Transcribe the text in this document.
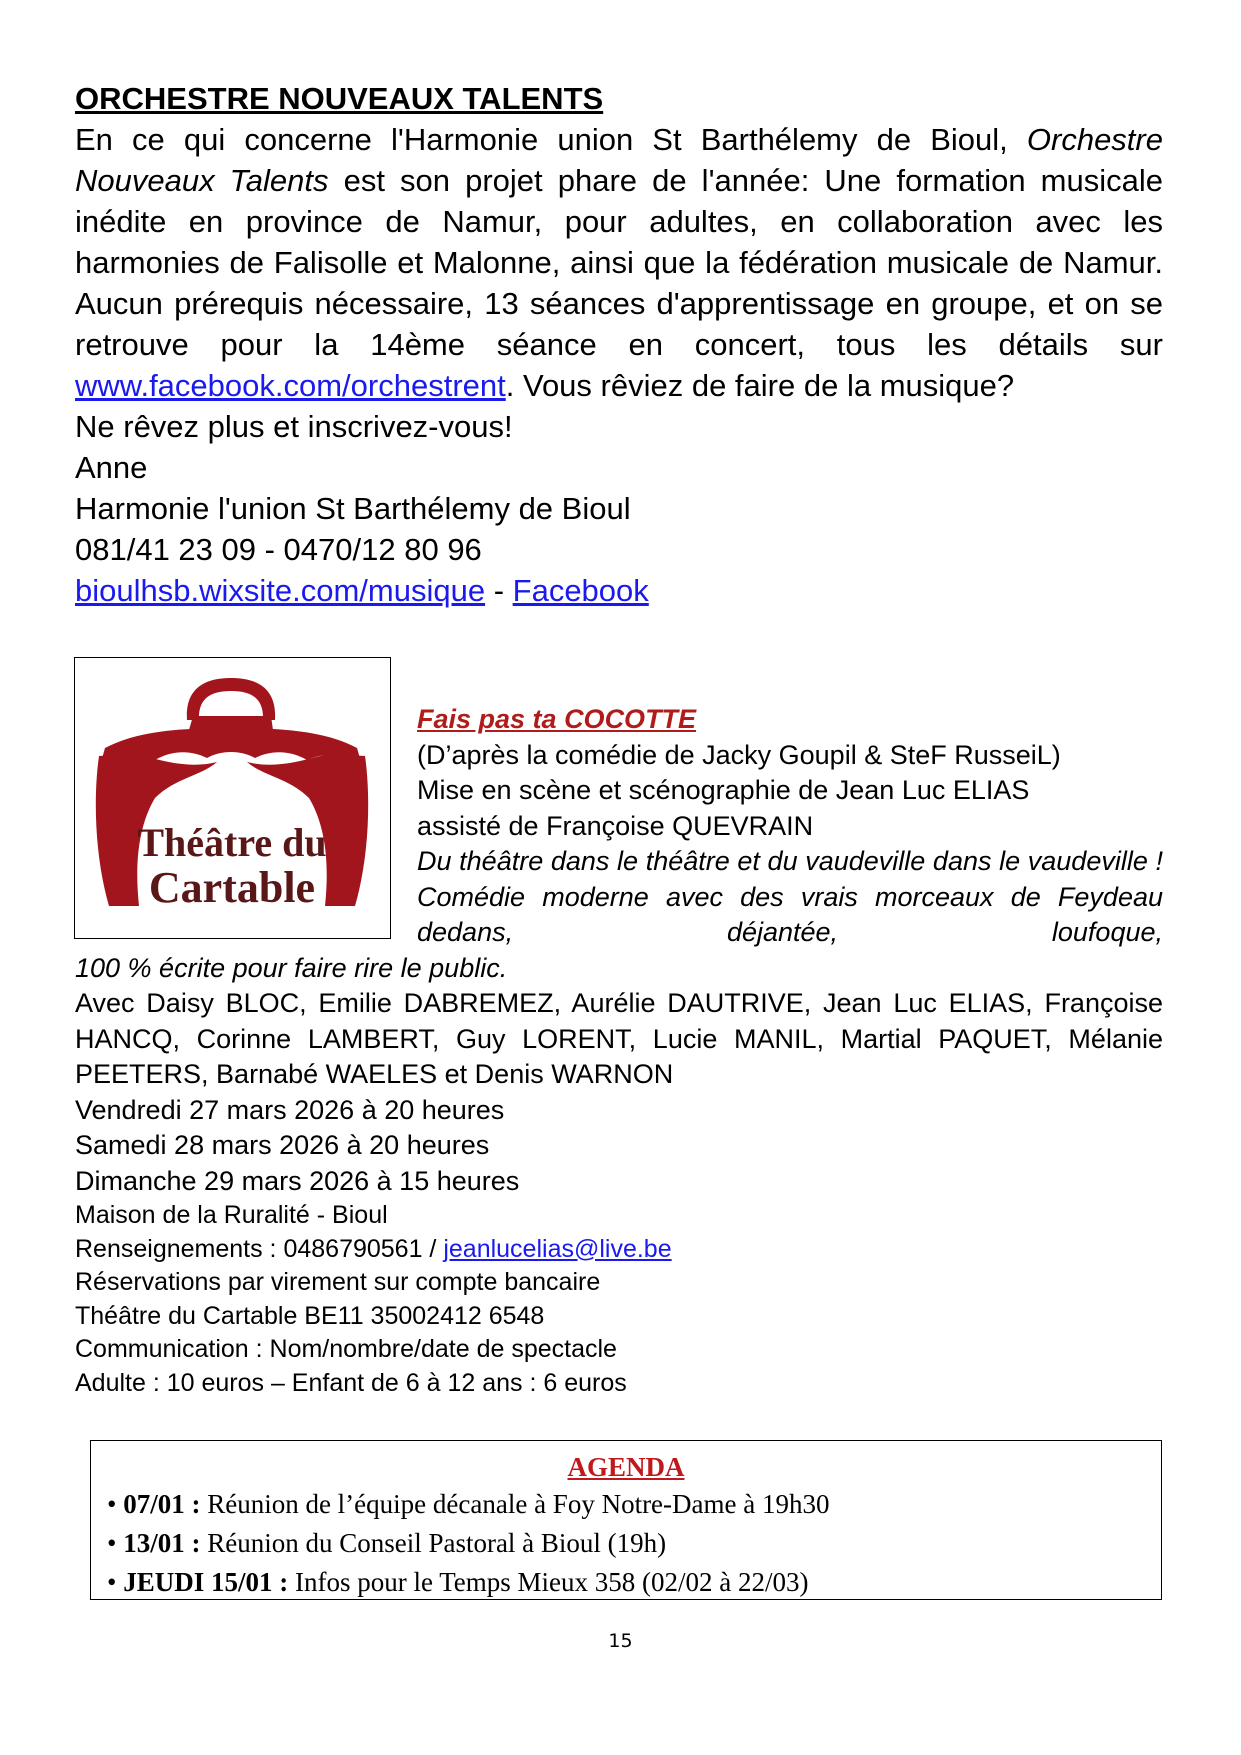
ORCHESTRE NOUVEAUX TALENTS

En ce qui concerne l'Harmonie union St Barthélemy de Bioul, Orchestre Nouveaux Talents est son projet phare de l'année: Une formation musicale inédite en province de Namur, pour adultes, en collaboration avec les harmonies de Falisolle et Malonne, ainsi que la fédération musicale de Namur. Aucun prérequis nécessaire, 13 séances d'apprentissage en groupe, et on se retrouve pour la 14ème séance en concert, tous les détails sur www.facebook.com/orchestrent. Vous rêviez de faire de la musique?

Ne rêvez plus et inscrivez-vous!

Anne

Harmonie l'union St Barthélemy de Bioul

081/41 23 09 - 0470/12 80 96

bioulhsb.wixsite.com/musique - Facebook

Théâtre du
Cartable

Fais pas ta COCOTTE

(D’après la comédie de Jacky Goupil & SteF RusseiL)

Mise en scène et scénographie de Jean Luc ELIAS

assisté de Françoise QUEVRAIN

Du théâtre dans le théâtre et du vaudeville dans le vaudeville ! Comédie moderne avec des vrais morceaux de Feydeau dedans, déjantée, loufoque,

100 % écrite pour faire rire le public.

Avec Daisy BLOC, Emilie DABREMEZ, Aurélie DAUTRIVE, Jean Luc ELIAS, Françoise HANCQ, Corinne LAMBERT, Guy LORENT, Lucie MANIL, Martial PAQUET, Mélanie PEETERS, Barnabé WAELES et Denis WARNON

Vendredi 27 mars 2026 à 20 heures

Samedi 28 mars 2026 à 20 heures

Dimanche 29 mars 2026 à 15 heures

Maison de la Ruralité - Bioul

Renseignements : 0486790561 / jeanlucelias@live.be

Réservations par virement sur compte bancaire

Théâtre du Cartable BE11 35002412 6548

Communication : Nom/nombre/date de spectacle

Adulte : 10 euros – Enfant de 6 à 12 ans : 6 euros

AGENDA
• 07/01 : Réunion de l’équipe décanale à Foy Notre-Dame à 19h30
• 13/01 : Réunion du Conseil Pastoral à Bioul (19h)
• JEUDI 15/01 : Infos pour le Temps Mieux 358 (02/02 à 22/03)
15
